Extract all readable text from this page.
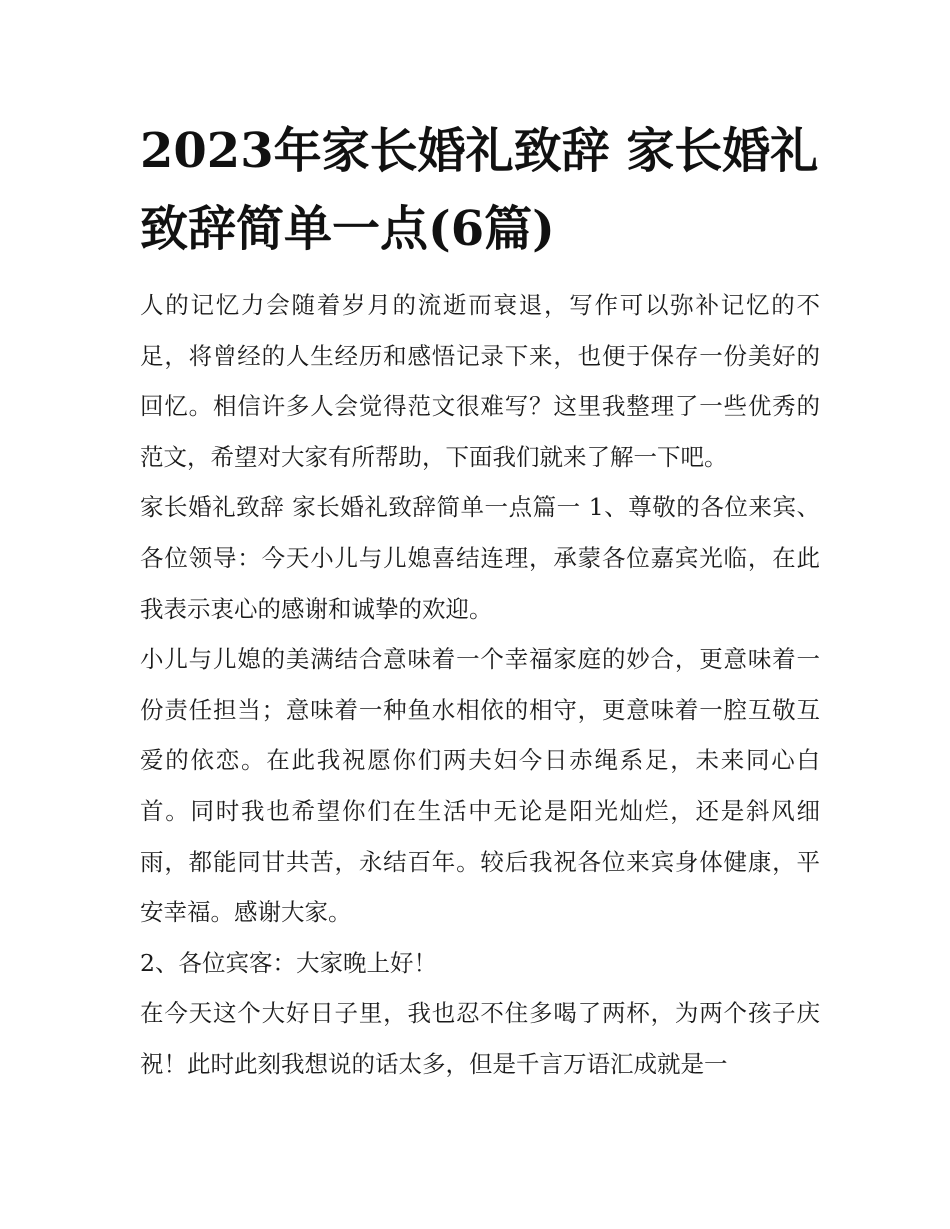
2023年家长婚礼致辞 家长婚礼致辞简单一点(6篇)

人的记忆力会随着岁月的流逝而衰退，写作可以弥补记忆的不足，将曾经的人生经历和感悟记录下来，也便于保存一份美好的回忆。相信许多人会觉得范文很难写？这里我整理了一些优秀的范文，希望对大家有所帮助，下面我们就来了解一下吧。

家长婚礼致辞 家长婚礼致辞简单一点篇一 1、尊敬的各位来宾、各位领导：今天小儿与儿媳喜结连理，承蒙各位嘉宾光临，在此我表示衷心的感谢和诚挚的欢迎。

小儿与儿媳的美满结合意味着一个幸福家庭的妙合，更意味着一份责任担当；意味着一种鱼水相依的相守，更意味着一腔互敬互爱的依恋。在此我祝愿你们两夫妇今日赤绳系足，未来同心白首。同时我也希望你们在生活中无论是阳光灿烂，还是斜风细雨，都能同甘共苦，永结百年。较后我祝各位来宾身体健康，平安幸福。感谢大家。

2、各位宾客：大家晚上好！

在今天这个大好日子里，我也忍不住多喝了两杯，为两个孩子庆祝！此时此刻我想说的话太多，但是千言万语汇成就是一
